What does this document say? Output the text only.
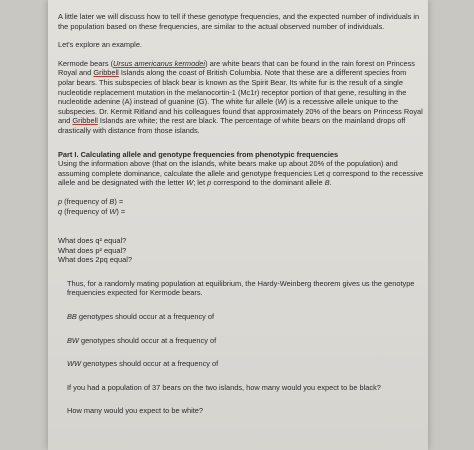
A little later we will discuss how to tell if these genotype frequencies, and the expected number of individuals in the population based on these frequencies, are similar to the actual observed number of individuals.

Let's explore an example.

Kermode bears (Ursus americanus kermodei) are white bears that can be found in the rain forest on Princess Royal and Gribbell Islands along the coast of British Columbia. Note that these are a different species from polar bears. This subspecies of black bear is known as the Spirit Bear. Its white fur is the result of a single nucleotide replacement mutation in the melanocortin-1 (Mc1r) receptor portion of that gene, resulting in the nucleotide adenine (A) instead of guanine (G). The white fur allele (W) is a recessive allele unique to the subspecies. Dr. Kermit Ritland and his colleagues found that approximately 20% of the bears on Princess Royal and Gribbell Islands are white; the rest are black. The percentage of white bears on the mainland drops off drastically with distance from those islands.

Part I. Calculating allele and genotype frequencies from phenotypic frequencies

Using the information above (that on the islands, white bears make up about 20% of the population) and assuming complete dominance, calculate the allele and genotype frequencies Let q correspond to the recessive allele and be designated with the letter W; let p correspond to the dominant allele B.

p (frequency of B) =

q (frequency of W) =

What does q² equal?

What does p² equal?

What does 2pq equal?

Thus, for a randomly mating population at equilibrium, the Hardy-Weinberg theorem gives us the genotype frequencies expected for Kermode bears.

BB genotypes should occur at a frequency of

BW genotypes should occur at a frequency of

WW genotypes should occur at a frequency of

If you had a population of 37 bears on the two islands, how many would you expect to be black?

How many would you expect to be white?
